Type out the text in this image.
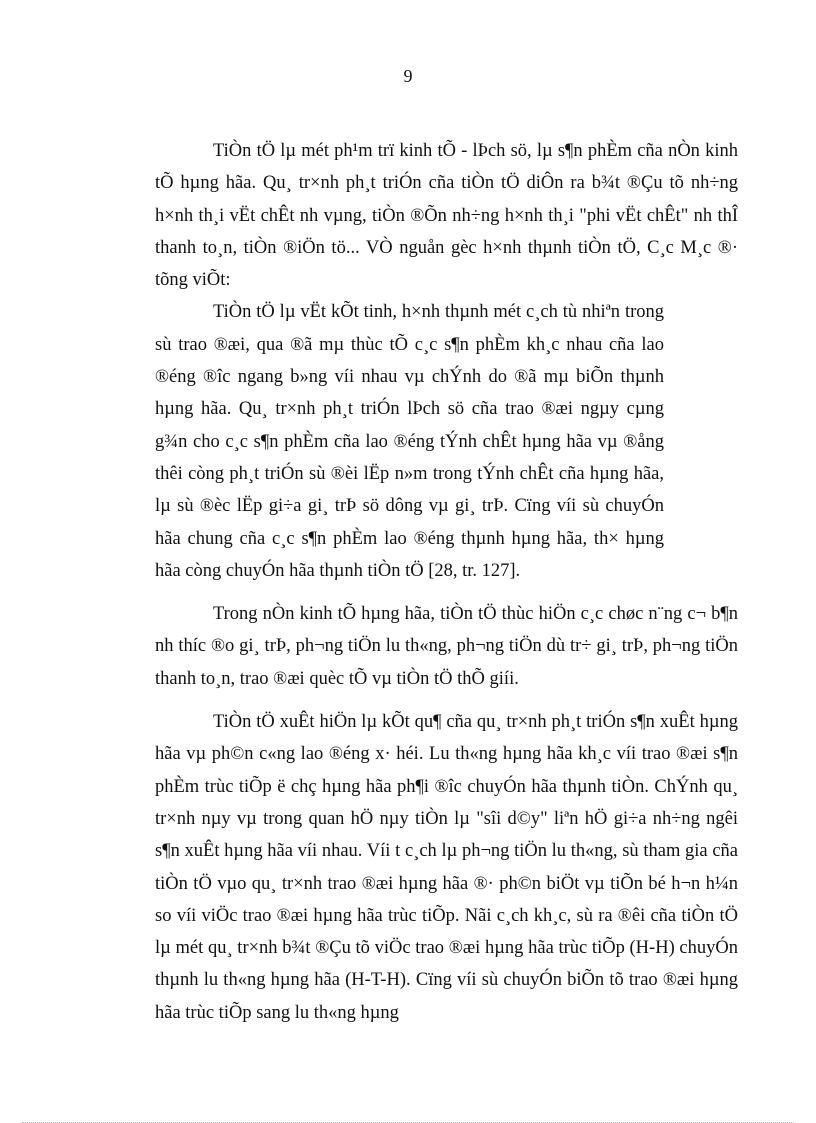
9

TiÒn tÖ lµ mét ph¹m trï kinh tÕ - lÞch sö, lµ s¶n phÈm cña nÒn kinh tÕ hµng hãa. Qu¸ tr×nh ph¸t triÓn cña tiÒn tÖ diÔn ra b¾t ®Çu tõ nh÷ng h×nh th¸i vËt chÊt nh vµng, tiÒn ®Õn nh÷ng h×nh th¸i "phi vËt chÊt" nh thÎ thanh to¸n, tiÒn ®iÖn tö... VÒ nguån gèc h×nh thµnh tiÒn tÖ, C¸c M¸c ®· tõng viÕt:

TiÒn tÖ lµ vËt kÕt tinh, h×nh thµnh mét c¸ch tù nhiªn trong sù trao ®æi, qua ®ã mµ thùc tÕ c¸c s¶n phÈm kh¸c nhau cña lao ®éng ®îc ngang b»ng víi nhau vµ chÝnh do ®ã mµ biÕn thµnh hµng hãa. Qu¸ tr×nh ph¸t triÓn lÞch sö cña trao ®æi ngµy cµng g¾n cho c¸c s¶n phÈm cña lao ®éng tÝnh chÊt hµng hãa vµ ®ång thêi còng ph¸t triÓn sù ®èi lËp n»m trong tÝnh chÊt cña hµng hãa, lµ sù ®èc lËp gi÷a gi¸ trÞ sö dông vµ gi¸ trÞ. Cïng víi sù chuyÓn hãa chung cña c¸c s¶n phÈm lao ®éng thµnh hµng hãa, th× hµng hãa còng chuyÓn hãa thµnh tiÒn tÖ [28, tr. 127].

Trong nÒn kinh tÕ hµng hãa, tiÒn tÖ thùc hiÖn c¸c chøc n¨ng c¬ b¶n nh thíc ®o gi¸ trÞ, ph¬ng tiÖn lu th«ng, ph¬ng tiÖn dù tr÷ gi¸ trÞ, ph¬ng tiÖn thanh to¸n, trao ®æi quèc tÕ vµ tiÒn tÖ thÕ giíi.

TiÒn tÖ xuÊt hiÖn lµ kÕt qu¶ cña qu¸ tr×nh ph¸t triÓn s¶n xuÊt hµng hãa vµ ph©n c«ng lao ®éng x· héi. Lu th«ng hµng hãa kh¸c víi trao ®æi s¶n phÈm trùc tiÕp ë chç hµng hãa ph¶i ®îc chuyÓn hãa thµnh tiÒn. ChÝnh qu¸ tr×nh nµy vµ trong quan hÖ nµy tiÒn lµ "sîi d©y" liªn hÖ gi÷a nh÷ng ngêi s¶n xuÊt hµng hãa víi nhau. Víi t c¸ch lµ ph¬ng tiÖn lu th«ng, sù tham gia cña tiÒn tÖ vµo qu¸ tr×nh trao ®æi hµng hãa ®· ph©n biÖt vµ tiÕn bé h¬n h¼n so víi viÖc trao ®æi hµng hãa trùc tiÕp. Nãi c¸ch kh¸c, sù ra ®êi cña tiÒn tÖ lµ mét qu¸ tr×nh b¾t ®Çu tõ viÖc trao ®æi hµng hãa trùc tiÕp (H-H) chuyÓn thµnh lu th«ng hµng hãa (H-T-H). Cïng víi sù chuyÓn biÕn tõ trao ®æi hµng hãa trùc tiÕp sang lu th«ng hµng
